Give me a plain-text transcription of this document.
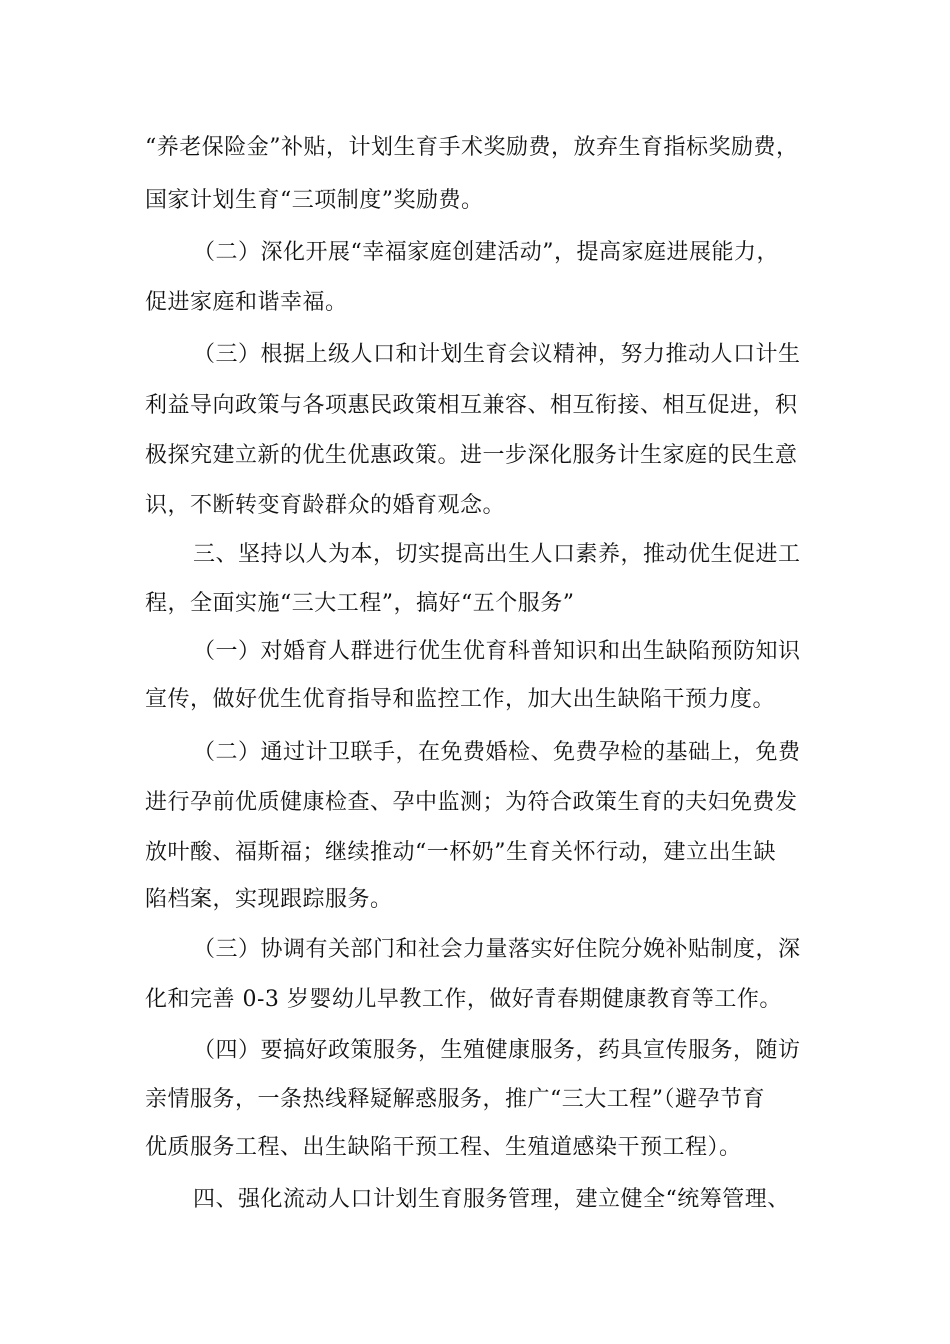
“养老保险金”补贴，计划生育手术奖励费，放弃生育指标奖励费，
国家计划生育“三项制度”奖励费。
（二）深化开展“幸福家庭创建活动”，提高家庭进展能力，
促进家庭和谐幸福。
（三）根据上级人口和计划生育会议精神，努力推动人口计生
利益导向政策与各项惠民政策相互兼容、相互衔接、相互促进，积
极探究建立新的优生优惠政策。进一步深化服务计生家庭的民生意
识，不断转变育龄群众的婚育观念。
三、坚持以人为本，切实提高出生人口素养，推动优生促进工
程，全面实施“三大工程”，搞好“五个服务”
（一）对婚育人群进行优生优育科普知识和出生缺陷预防知识
宣传，做好优生优育指导和监控工作，加大出生缺陷干预力度。
（二）通过计卫联手，在免费婚检、免费孕检的基础上，免费
进行孕前优质健康检查、孕中监测；为符合政策生育的夫妇免费发
放叶酸、福斯福；继续推动“一杯奶”生育关怀行动，建立出生缺
陷档案，实现跟踪服务。
（三）协调有关部门和社会力量落实好住院分娩补贴制度，深
化和完善 0-3 岁婴幼儿早教工作，做好青春期健康教育等工作。
（四）要搞好政策服务，生殖健康服务，药具宣传服务，随访
亲情服务，一条热线释疑解惑服务，推广“三大工程”（避孕节育
优质服务工程、出生缺陷干预工程、生殖道感染干预工程）。
四、强化流动人口计划生育服务管理，建立健全“统筹管理、
